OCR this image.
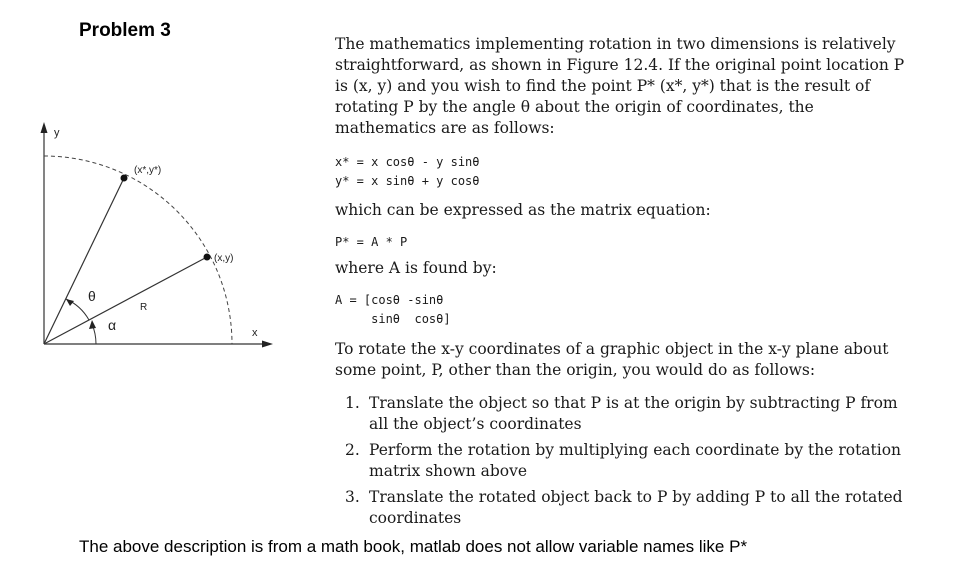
Problem 3
y
x
(x*,y*)
(x,y)
R
θ
α
The mathematics implementing rotation in two dimensions is relatively straightforward, as shown in Figure 12.4. If the original point location P is (x, y) and you wish to find the point P* (x*, y*) that is the result of rotating P by the angle θ about the origin of coordinates, the mathematics are as follows:
x* = x cosθ - y sinθ
y* = x sinθ + y cosθ
which can be expressed as the matrix equation:
P* = A * P
where A is found by:
A = [cosθ -sinθ
sinθ  cosθ]
To rotate the x-y coordinates of a graphic object in the x-y plane about some point, P, other than the origin, you would do as follows:
1. Translate the object so that P is at the origin by subtracting P from all the object’s coordinates
2. Perform the rotation by multiplying each coordinate by the rotation matrix shown above
3. Translate the rotated object back to P by adding P to all the rotated coordinates
The above description is from a math book, matlab does not allow variable names like P*
